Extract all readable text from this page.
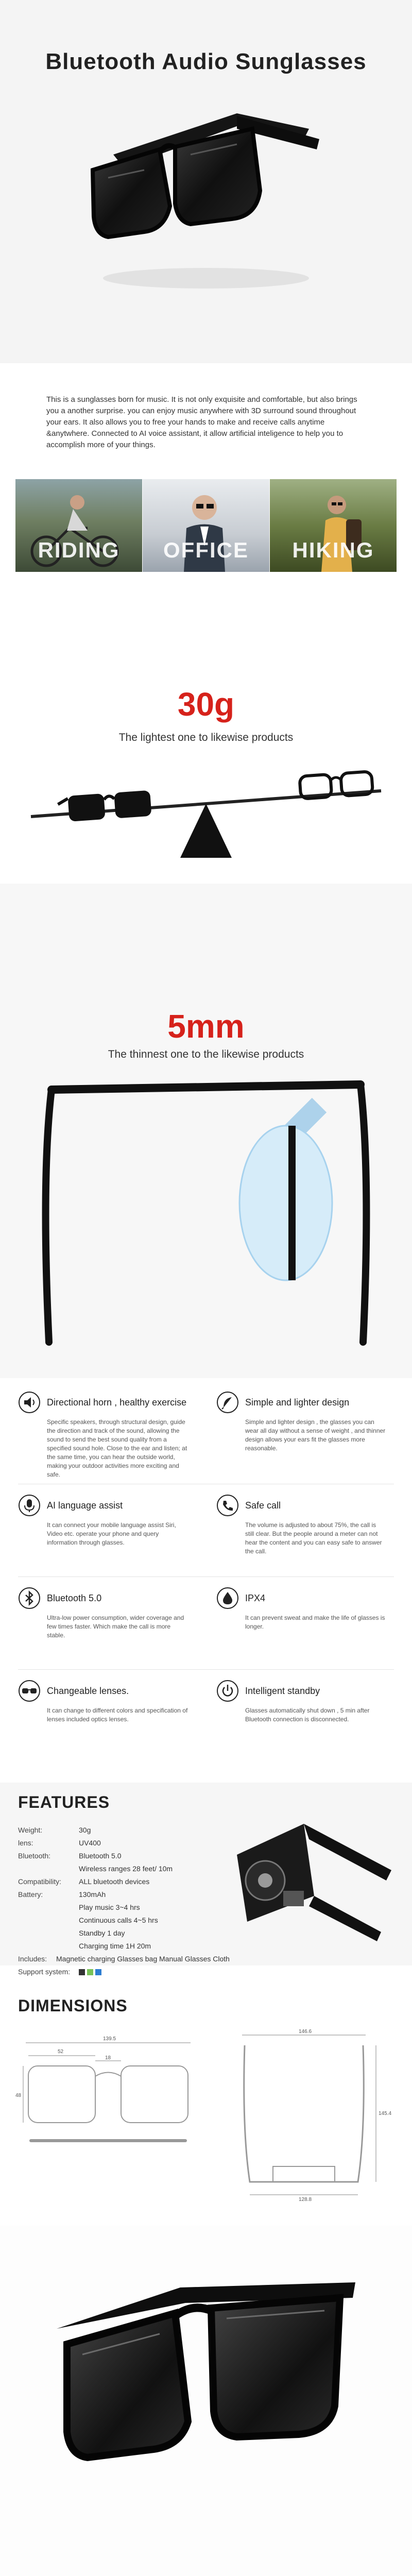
Bluetooth Audio Sunglasses

This is a sunglasses born for music. It is not only exquisite and comfortable, but also brings you a another surprise. you can enjoy music anywhere with 3D surround sound throughout your ears. It also allows you to free your hands to make and receive calls anytime &anytwhere. Connected to AI voice assistant, it allow artificial inteligence to help you to accomplish more of your things.

RIDING	OFFICE	HIKING
30g
The lightest one to likewise products
5mm
The thinnest one to the likewise products
Directional horn , healthy exercise
Specific speakers, through structural design, guide the direction and track of the sound, allowing the sound to send the best sound quality from a specified sound hole. Close to the ear and listen; at the same time, you can hear the outside world, making your outdoor activities more exciting and safe.
Simple and lighter design
Simple and lighter design , the glasses you can wear all day without a sense of weight , and thinner design allows your ears fit the glasses more reasonable.
AI language assist
It can connect your mobile language assist Siri, Video etc. operate your phone and query information through glasses.
Safe call
The volume is adjusted to about 75%, the call is still clear. But the people around a meter can not hear the content and you can easy safe to answer the call.
Bluetooth 5.0
Ultra-low power consumption, wider coverage and few times faster. Which make the call is more stable.
IPX4
It can prevent sweat and make the life of glasses is longer.
Changeable lenses.
It can change to different colors and specification of lenses included optics lenses.
Intelligent standby
Glasses automatically shut down , 5 min after Bluetooth connection is disconnected.
FEATURES
Weight:	30g
lens:	UV400
Bluetooth:	Bluetooth 5.0
Wireless ranges 28 feet/ 10m
Compatibility:	ALL bluetooth devices
Battery:	130mAh
Play music 3~4 hrs
Continuous calls 4~5 hrs
Standby 1 day
Charging time 1H 20m
Includes:	Magnetic charging Glasses bag Manual Glasses Cloth
Support system:
DIMENSIONS
139.5
52
18
48
146.6
145.4
128.8
